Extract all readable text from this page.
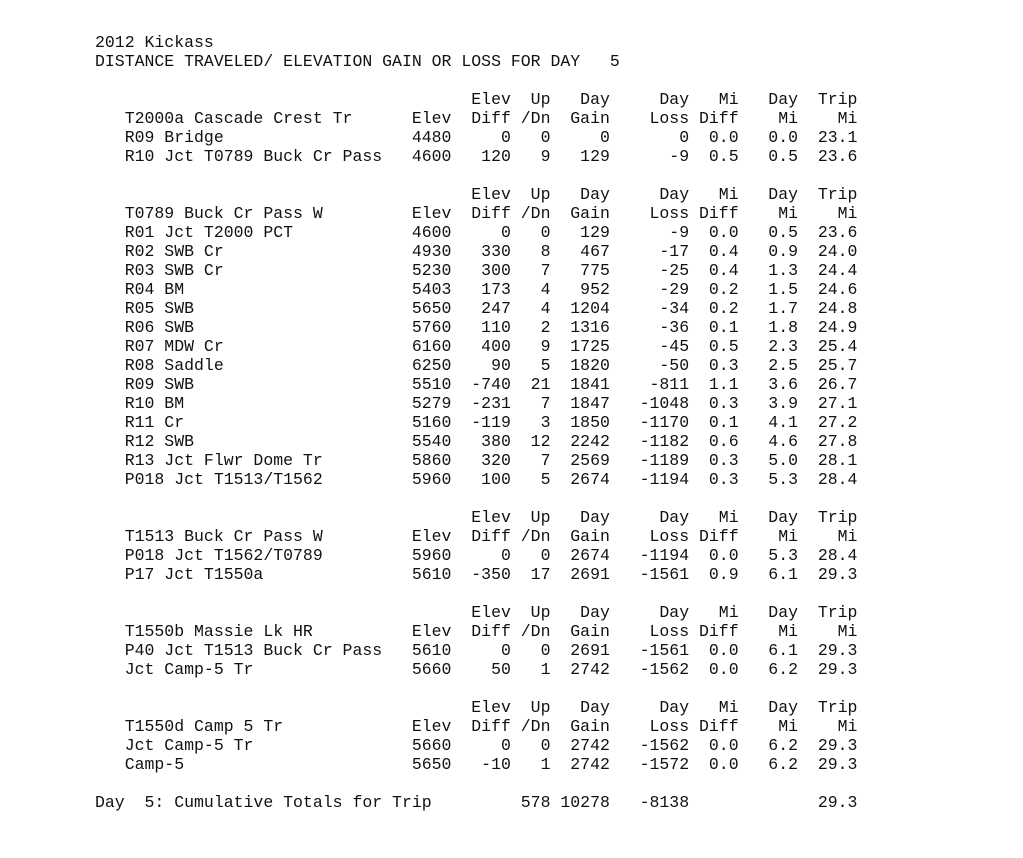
2012 Kickass
DISTANCE TRAVELED/ ELEVATION GAIN OR LOSS FOR DAY   5
Elev  Up   Day     Day   Mi   Day  Trip
T2000a Cascade Crest Tr      Elev  Diff /Dn  Gain    Loss Diff    Mi    Mi
R09 Bridge                   4480     0   0     0       0  0.0   0.0  23.1
R10 Jct T0789 Buck Cr Pass   4600   120   9   129      -9  0.5   0.5  23.6
Elev  Up   Day     Day   Mi   Day  Trip
T0789 Buck Cr Pass W         Elev  Diff /Dn  Gain    Loss Diff    Mi    Mi
R01 Jct T2000 PCT            4600     0   0   129      -9  0.0   0.5  23.6
R02 SWB Cr                   4930   330   8   467     -17  0.4   0.9  24.0
R03 SWB Cr                   5230   300   7   775     -25  0.4   1.3  24.4
R04 BM                       5403   173   4   952     -29  0.2   1.5  24.6
R05 SWB                      5650   247   4  1204     -34  0.2   1.7  24.8
R06 SWB                      5760   110   2  1316     -36  0.1   1.8  24.9
R07 MDW Cr                   6160   400   9  1725     -45  0.5   2.3  25.4
R08 Saddle                   6250    90   5  1820     -50  0.3   2.5  25.7
R09 SWB                      5510  -740  21  1841    -811  1.1   3.6  26.7
R10 BM                       5279  -231   7  1847   -1048  0.3   3.9  27.1
R11 Cr                       5160  -119   3  1850   -1170  0.1   4.1  27.2
R12 SWB                      5540   380  12  2242   -1182  0.6   4.6  27.8
R13 Jct Flwr Dome Tr         5860   320   7  2569   -1189  0.3   5.0  28.1
P018 Jct T1513/T1562         5960   100   5  2674   -1194  0.3   5.3  28.4
Elev  Up   Day     Day   Mi   Day  Trip
T1513 Buck Cr Pass W         Elev  Diff /Dn  Gain    Loss Diff    Mi    Mi
P018 Jct T1562/T0789         5960     0   0  2674   -1194  0.0   5.3  28.4
P17 Jct T1550a               5610  -350  17  2691   -1561  0.9   6.1  29.3
Elev  Up   Day     Day   Mi   Day  Trip
T1550b Massie Lk HR          Elev  Diff /Dn  Gain    Loss Diff    Mi    Mi
P40 Jct T1513 Buck Cr Pass   5610     0   0  2691   -1561  0.0   6.1  29.3
Jct Camp-5 Tr                5660    50   1  2742   -1562  0.0   6.2  29.3
Elev  Up   Day     Day   Mi   Day  Trip
T1550d Camp 5 Tr             Elev  Diff /Dn  Gain    Loss Diff    Mi    Mi
Jct Camp-5 Tr                5660     0   0  2742   -1562  0.0   6.2  29.3
Camp-5                       5650   -10   1  2742   -1572  0.0   6.2  29.3
Day  5: Cumulative Totals for Trip         578 10278   -8138             29.3
